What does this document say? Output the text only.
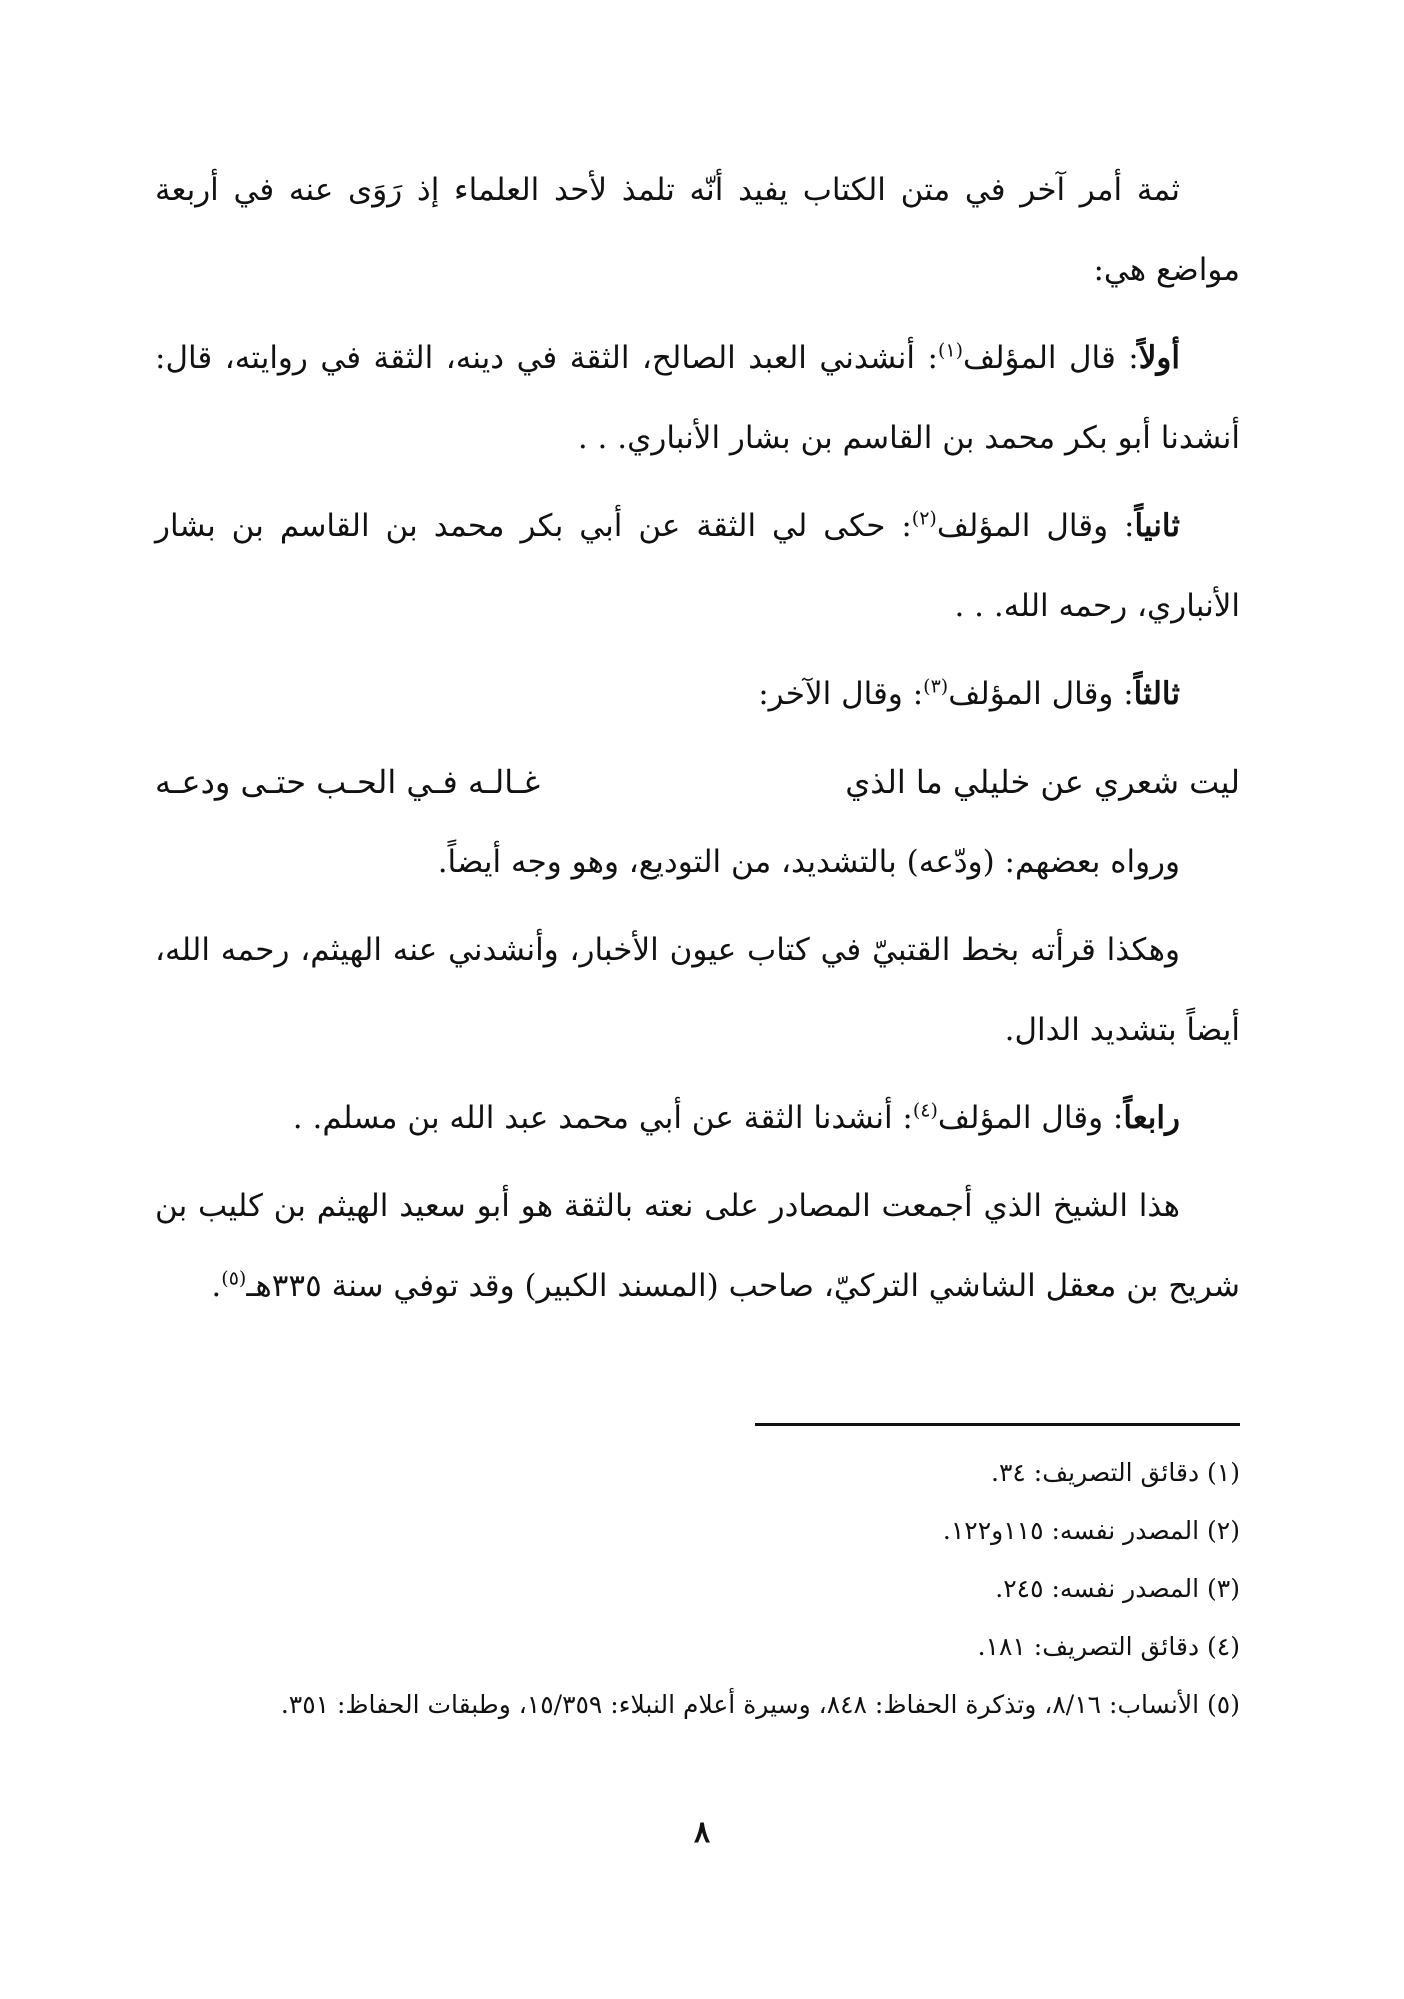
ثمة أمر آخر في متن الكتاب يفيد أنّه تلمذ لأحد العلماء إذ رَوَى عنه في أربعة مواضع هي:

أولاً: قال المؤلف$^{(١)}$: أنشدني العبد الصالح، الثقة في دينه، الثقة في روايته، قال: أنشدنا أبو بكر محمد بن القاسم بن بشار الأنباري. . .

ثانياً: وقال المؤلف$^{(٢)}$: حكى لي الثقة عن أبي بكر محمد بن القاسم بن بشار الأنباري، رحمه الله. . .

ثالثاً: وقال المؤلف$^{(٣)}$: وقال الآخر:

ليت شعري عن خليلي ما الذي
غـالـه فـي الحـب حتـى ودعـه

ورواه بعضهم: (ودّعه) بالتشديد، من التوديع، وهو وجه أيضاً.

وهكذا قرأته بخط القتبيّ في كتاب عيون الأخبار، وأنشدني عنه الهيثم، رحمه الله، أيضاً بتشديد الدال.

رابعاً: وقال المؤلف$^{(٤)}$: أنشدنا الثقة عن أبي محمد عبد الله بن مسلم. .

هذا الشيخ الذي أجمعت المصادر على نعته بالثقة هو أبو سعيد الهيثم بن كليب بن شريح بن معقل الشاشي التركيّ، صاحب (المسند الكبير) وقد توفي سنة ٣٣٥هـ$^{(٥)}$.

(١) دقائق التصريف: ٣٤.

(٢) المصدر نفسه: ١١٥و١٢٢.

(٣) المصدر نفسه: ٢٤٥.

(٤) دقائق التصريف: ١٨١.

(٥) الأنساب: ٨/١٦، وتذكرة الحفاظ: ٨٤٨، وسيرة أعلام النبلاء: ١٥/٣٥٩، وطبقات الحفاظ: ٣٥١.

٨
